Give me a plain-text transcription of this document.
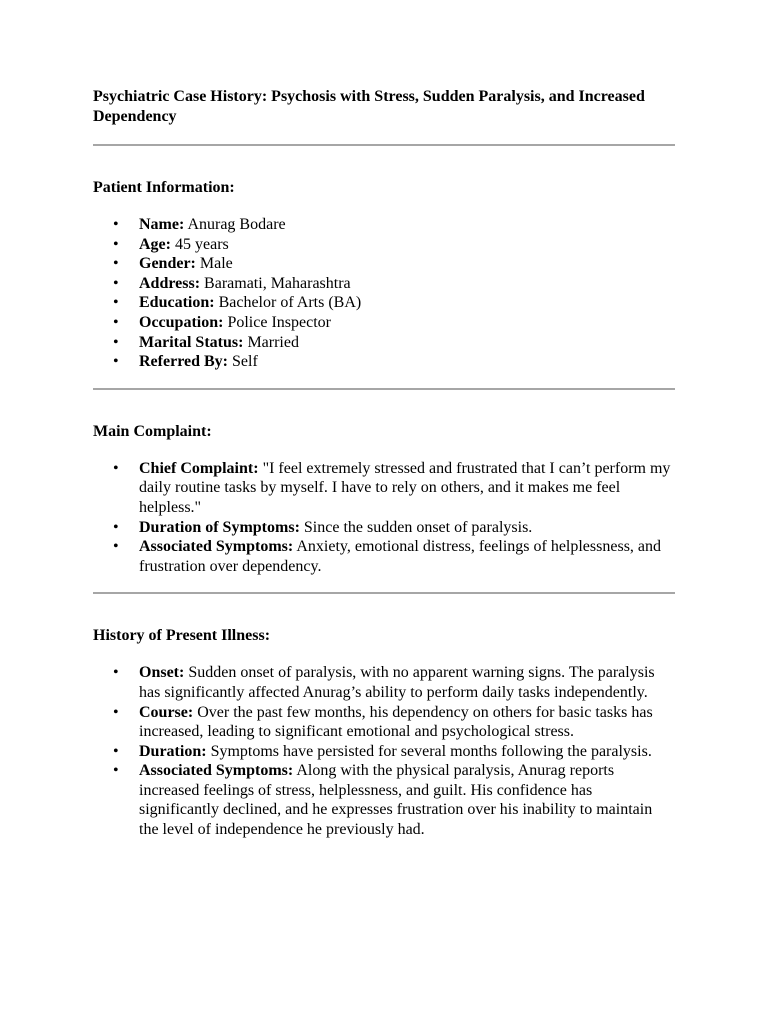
Psychiatric Case History: Psychosis with Stress, Sudden Paralysis, and Increased Dependency
Patient Information:
• Name: Anurag Bodare
• Age: 45 years
• Gender: Male
• Address: Baramati, Maharashtra
• Education: Bachelor of Arts (BA)
• Occupation: Police Inspector
• Marital Status: Married
• Referred By: Self
Main Complaint:
• Chief Complaint: "I feel extremely stressed and frustrated that I can’t perform my daily routine tasks by myself. I have to rely on others, and it makes me feel helpless."
• Duration of Symptoms: Since the sudden onset of paralysis.
• Associated Symptoms: Anxiety, emotional distress, feelings of helplessness, and frustration over dependency.
History of Present Illness:
• Onset: Sudden onset of paralysis, with no apparent warning signs. The paralysis has significantly affected Anurag’s ability to perform daily tasks independently.
• Course: Over the past few months, his dependency on others for basic tasks has increased, leading to significant emotional and psychological stress.
• Duration: Symptoms have persisted for several months following the paralysis.
• Associated Symptoms: Along with the physical paralysis, Anurag reports increased feelings of stress, helplessness, and guilt. His confidence has significantly declined, and he expresses frustration over his inability to maintain the level of independence he previously had.
